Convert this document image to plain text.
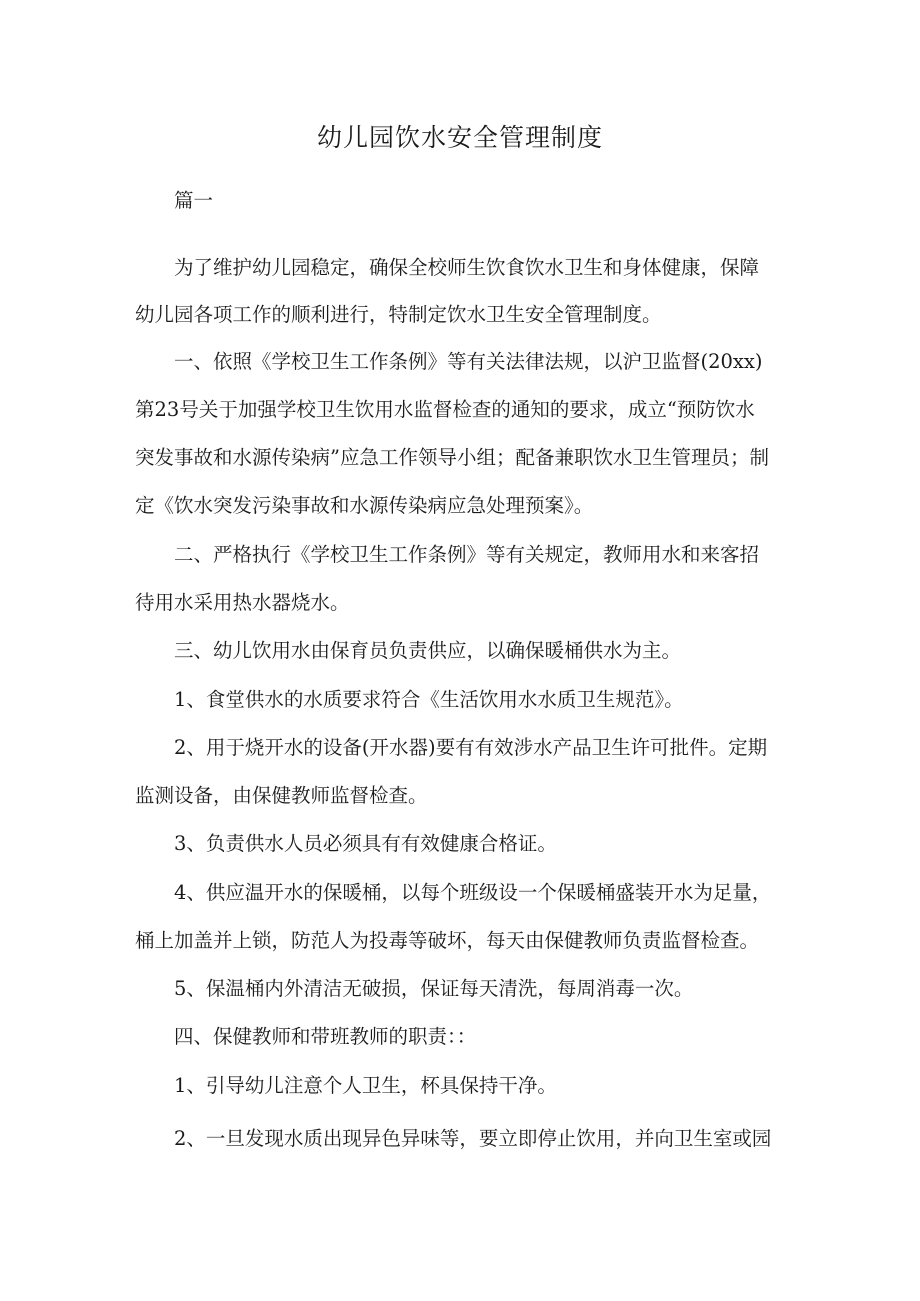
幼儿园饮水安全管理制度

篇一

为了维护幼儿园稳定，确保全校师生饮食饮水卫生和身体健康，保障

幼儿园各项工作的顺利进行，特制定饮水卫生安全管理制度。

一、依照《学校卫生工作条例》等有关法律法规，以沪卫监督(20xx)

第23号关于加强学校卫生饮用水监督检查的通知的要求，成立“预防饮水

突发事故和水源传染病”应急工作领导小组；配备兼职饮水卫生管理员；制

定《饮水突发污染事故和水源传染病应急处理预案》。

二、严格执行《学校卫生工作条例》等有关规定，教师用水和来客招

待用水采用热水器烧水。

三、幼儿饮用水由保育员负责供应，以确保暖桶供水为主。

1、食堂供水的水质要求符合《生活饮用水水质卫生规范》。

2、用于烧开水的设备(开水器)要有有效涉水产品卫生许可批件。定期

监测设备，由保健教师监督检查。

3、负责供水人员必须具有有效健康合格证。

4、供应温开水的保暖桶，以每个班级设一个保暖桶盛装开水为足量，

桶上加盖并上锁，防范人为投毒等破坏，每天由保健教师负责监督检查。

5、保温桶内外清洁无破损，保证每天清洗，每周消毒一次。

四、保健教师和带班教师的职责：：

1、引导幼儿注意个人卫生，杯具保持干净。

2、一旦发现水质出现异色异味等，要立即停止饮用，并向卫生室或园
